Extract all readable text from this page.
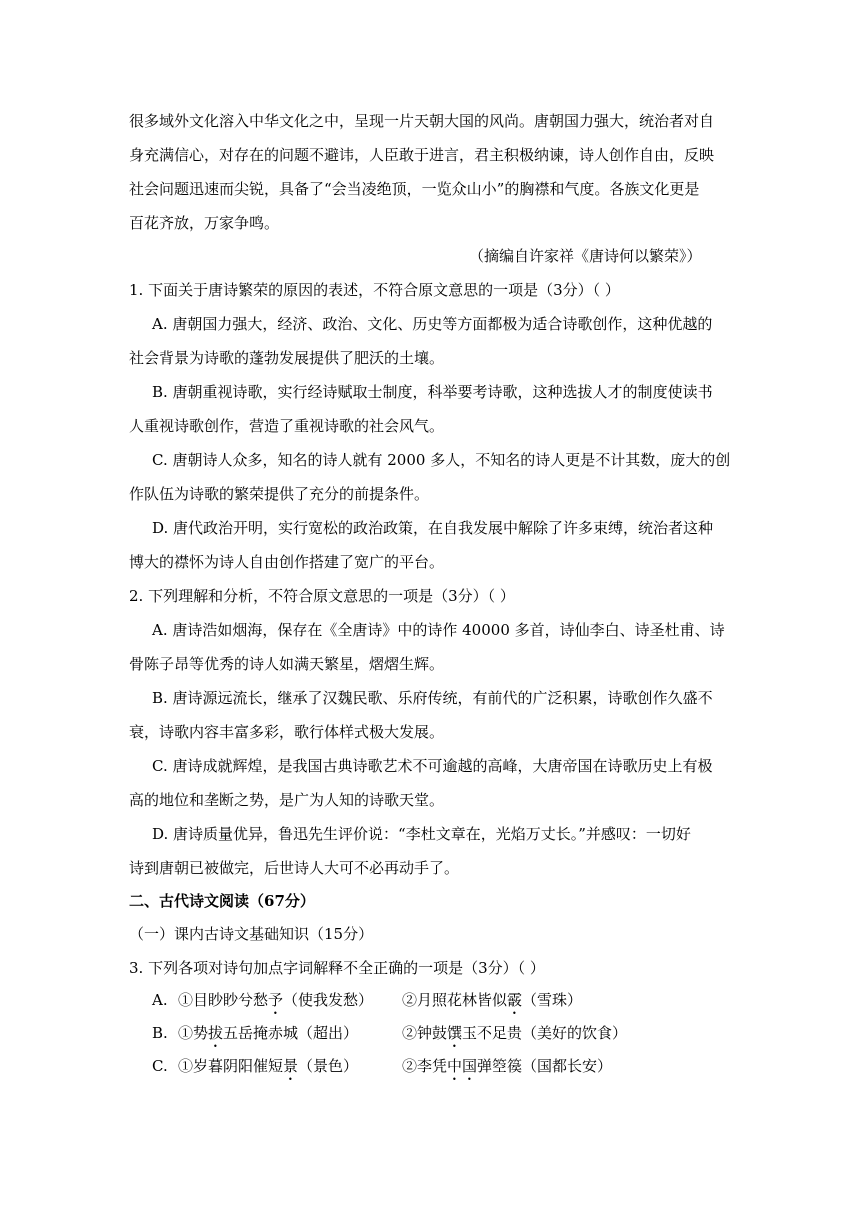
很多域外文化溶入中华文化之中，呈现一片天朝大国的风尚。唐朝国力强大，统治者对自
身充满信心，对存在的问题不避讳，人臣敢于进言，君主积极纳谏，诗人创作自由，反映
社会问题迅速而尖锐，具备了“会当凌绝顶，一览众山小”的胸襟和气度。各族文化更是
百花齐放，万家争鸣。
（摘编自许家祥《唐诗何以繁荣》）
1. 下面关于唐诗繁荣的原因的表述，不符合原文意思的一项是（3分）（ ）
A. 唐朝国力强大，经济、政治、文化、历史等方面都极为适合诗歌创作，这种优越的
社会背景为诗歌的蓬勃发展提供了肥沃的土壤。
B. 唐朝重视诗歌，实行经诗赋取士制度，科举要考诗歌，这种选拔人才的制度使读书
人重视诗歌创作，营造了重视诗歌的社会风气。
C. 唐朝诗人众多，知名的诗人就有 2000 多人，不知名的诗人更是不计其数，庞大的创
作队伍为诗歌的繁荣提供了充分的前提条件。
D. 唐代政治开明，实行宽松的政治政策，在自我发展中解除了许多束缚，统治者这种
博大的襟怀为诗人自由创作搭建了宽广的平台。
2. 下列理解和分析，不符合原文意思的一项是（3分）（ ）
A. 唐诗浩如烟海，保存在《全唐诗》中的诗作 40000 多首，诗仙李白、诗圣杜甫、诗
骨陈子昂等优秀的诗人如满天繁星，熠熠生辉。
B. 唐诗源远流长，继承了汉魏民歌、乐府传统，有前代的广泛积累，诗歌创作久盛不
衰，诗歌内容丰富多彩，歌行体样式极大发展。
C. 唐诗成就辉煌，是我国古典诗歌艺术不可逾越的高峰，大唐帝国在诗歌历史上有极
高的地位和垄断之势，是广为人知的诗歌天堂。
D. 唐诗质量优异，鲁迅先生评价说：“李杜文章在，光焰万丈长。”并感叹：一切好
诗到唐朝已被做完，后世诗人大可不必再动手了。
二、古代诗文阅读（67分）
（一）课内古诗文基础知识（15分）
3. 下列各项对诗句加点字词解释不全正确的一项是（3分）（ ）
A. ①目眇眇兮愁予（使我发愁） ②月照花林皆似霰（雪珠）
B. ①势拔五岳掩赤城（超出）	②钟鼓馔玉不足贵（美好的饮食）
C. ①岁暮阴阳催短景（景色）	②李凭中国弹箜篌（国都长安）
